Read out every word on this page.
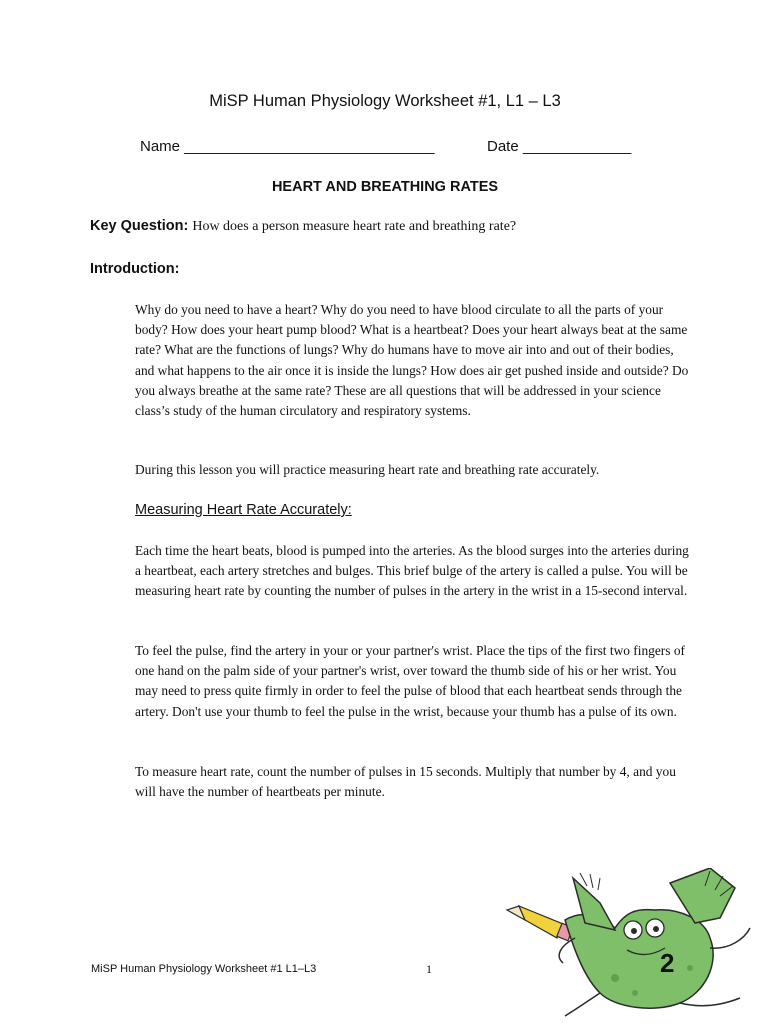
MiSP Human Physiology Worksheet #1, L1 – L3
Name ______________________________	Date _____________
HEART AND BREATHING RATES
Key Question: How does a person measure heart rate and breathing rate?
Introduction:

Why do you need to have a heart? Why do you need to have blood circulate to all the parts of your body? How does your heart pump blood? What is a heartbeat? Does your heart always beat at the same rate? What are the functions of lungs? Why do humans have to move air into and out of their bodies, and what happens to the air once it is inside the lungs? How does air get pushed inside and outside? Do you always breathe at the same rate? These are all questions that will be addressed in your science class’s study of the human circulatory and respiratory systems.

During this lesson you will practice measuring heart rate and breathing rate accurately.

Measuring Heart Rate Accurately:

Each time the heart beats, blood is pumped into the arteries. As the blood surges into the arteries during a heartbeat, each artery stretches and bulges. This brief bulge of the artery is called a pulse. You will be measuring heart rate by counting the number of pulses in the artery in the wrist in a 15-second interval.

To feel the pulse, find the artery in your or your partner's wrist. Place the tips of the first two fingers of one hand on the palm side of your partner's wrist, over toward the thumb side of his or her wrist. You may need to press quite firmly in order to feel the pulse of blood that each heartbeat sends through the artery. Don't use your thumb to feel the pulse in the wrist, because your thumb has a pulse of its own.

To measure heart rate, count the number of pulses in 15 seconds. Multiply that number by 4, and you will have the number of heartbeats per minute.

MiSP Human Physiology Worksheet #1 L1–L3	1	2
